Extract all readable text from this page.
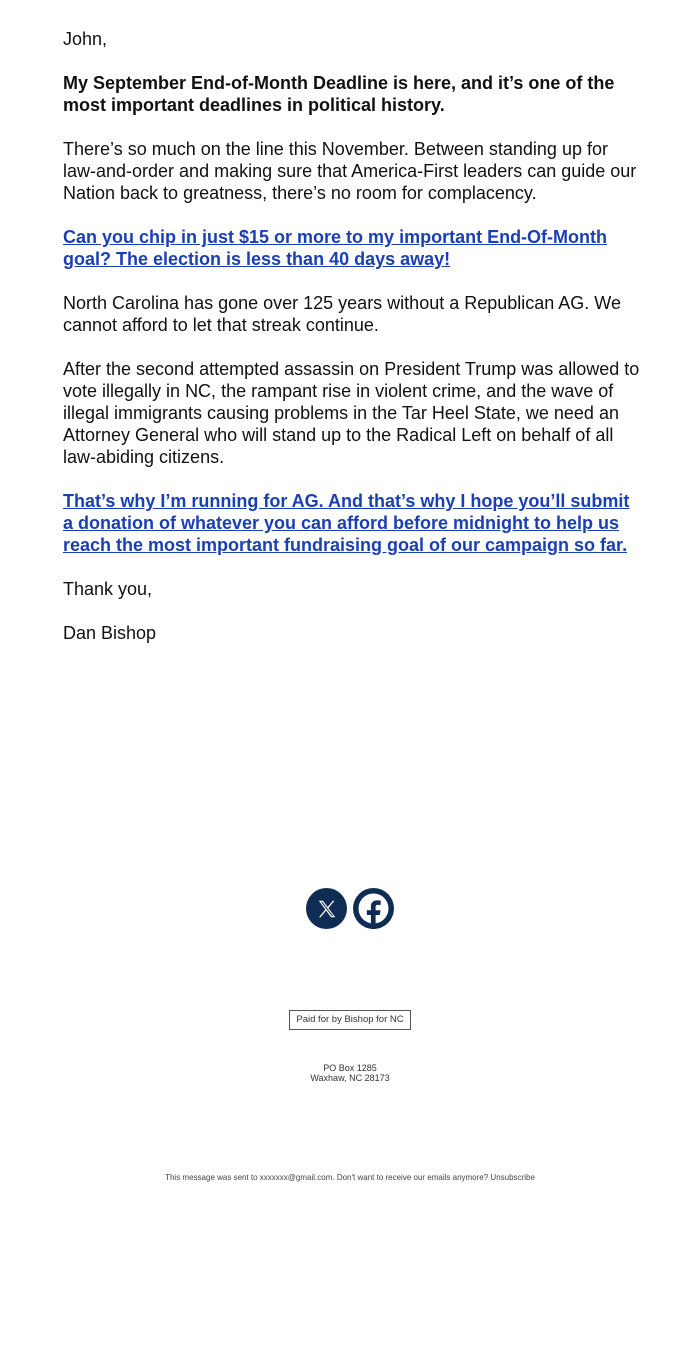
John,

My September End-of-Month Deadline is here, and it’s one of the most important deadlines in political history.

There’s so much on the line this November. Between standing up for law-and-order and making sure that America-First leaders can guide our Nation back to greatness, there’s no room for complacency.

Can you chip in just $15 or more to my important End-Of-Month goal? The election is less than 40 days away!

North Carolina has gone over 125 years without a Republican AG. We cannot afford to let that streak continue.

After the second attempted assassin on President Trump was allowed to vote illegally in NC, the rampant rise in violent crime, and the wave of illegal immigrants causing problems in the Tar Heel State, we need an Attorney General who will stand up to the Radical Left on behalf of all law-abiding citizens.

That’s why I’m running for AG. And that’s why I hope you’ll submit a donation of whatever you can afford before midnight to help us reach the most important fundraising goal of our campaign so far.

Thank you,

Dan Bishop

Paid for by Bishop for NC
PO Box 1285
Waxhaw, NC 28173
This message was sent to xxxxxxx@gmail.com. Don't want to receive our emails anymore? Unsubscribe
